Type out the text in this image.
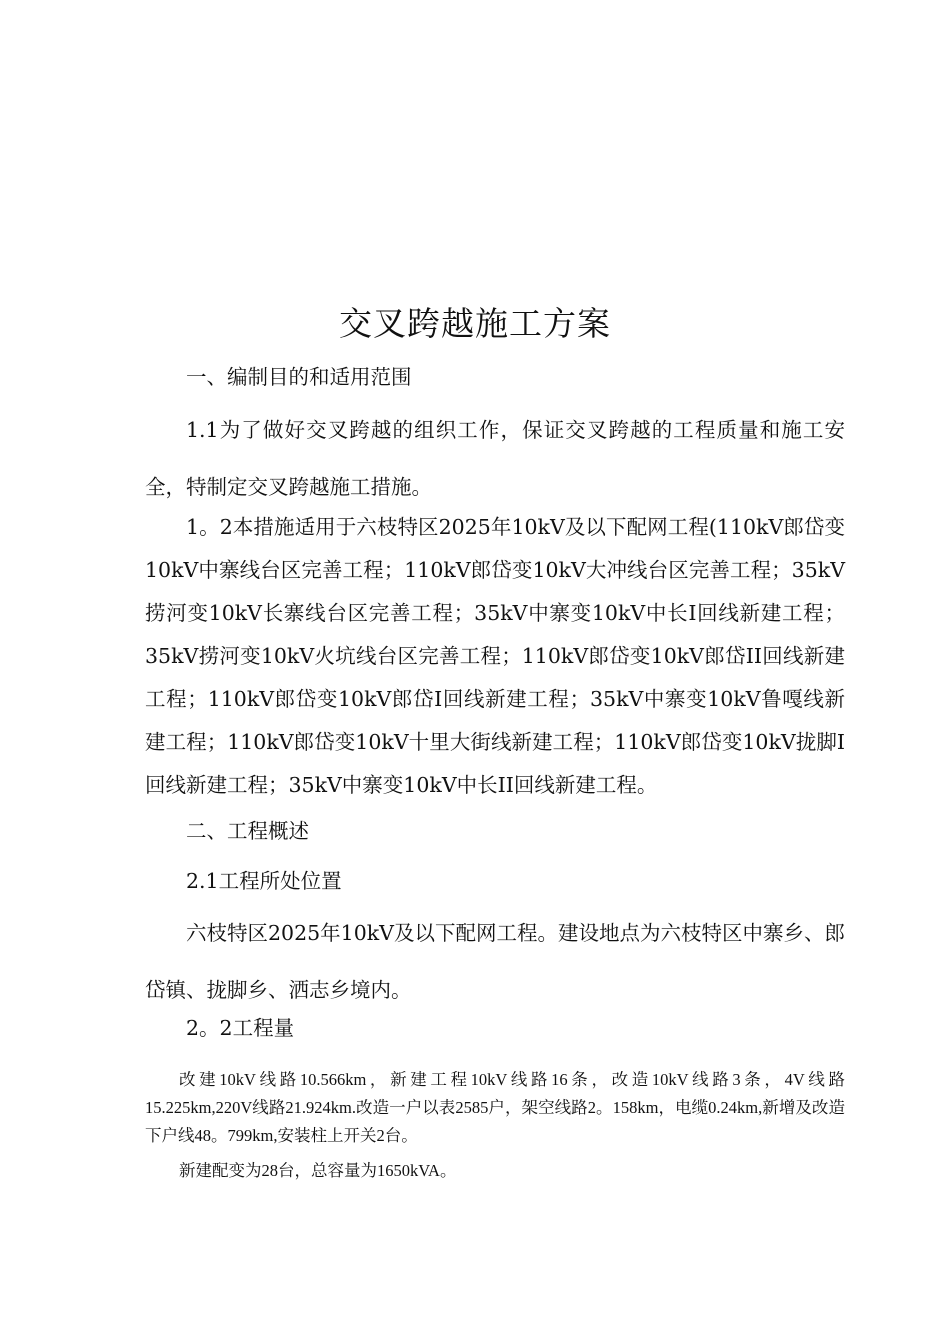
交叉跨越施工方案
一、编制目的和适用范围
1.1为了做好交叉跨越的组织工作，保证交叉跨越的工程质量和施工安全，特制定交叉跨越施工措施。
1。2本措施适用于六枝特区2025年10kV及以下配网工程(110kV郎岱变10kV中寨线台区完善工程；110kV郎岱变10kV大冲线台区完善工程；35kV捞河变10kV长寨线台区完善工程；35kV中寨变10kV中长I回线新建工程；35kV捞河变10kV火坑线台区完善工程；110kV郎岱变10kV郎岱II回线新建工程；110kV郎岱变10kV郎岱I回线新建工程；35kV中寨变10kV鲁嘎线新建工程；110kV郎岱变10kV十里大街线新建工程；110kV郎岱变10kV拢脚I回线新建工程；35kV中寨变10kV中长II回线新建工程。
二、工程概述
2.1工程所处位置
六枝特区2025年10kV及以下配网工程。建设地点为六枝特区中寨乡、郎岱镇、拢脚乡、洒志乡境内。
2。2工程量
改建10kV线路10.566km，新建工程10kV线路16条，改造10kV线路3条，4V线路15.225km,220V线路21.924km.改造一户以表2585户，架空线路2。158km，电缆0.24km,新增及改造下户线48。799km,安装柱上开关2台。
新建配变为28台，总容量为1650kVA。
